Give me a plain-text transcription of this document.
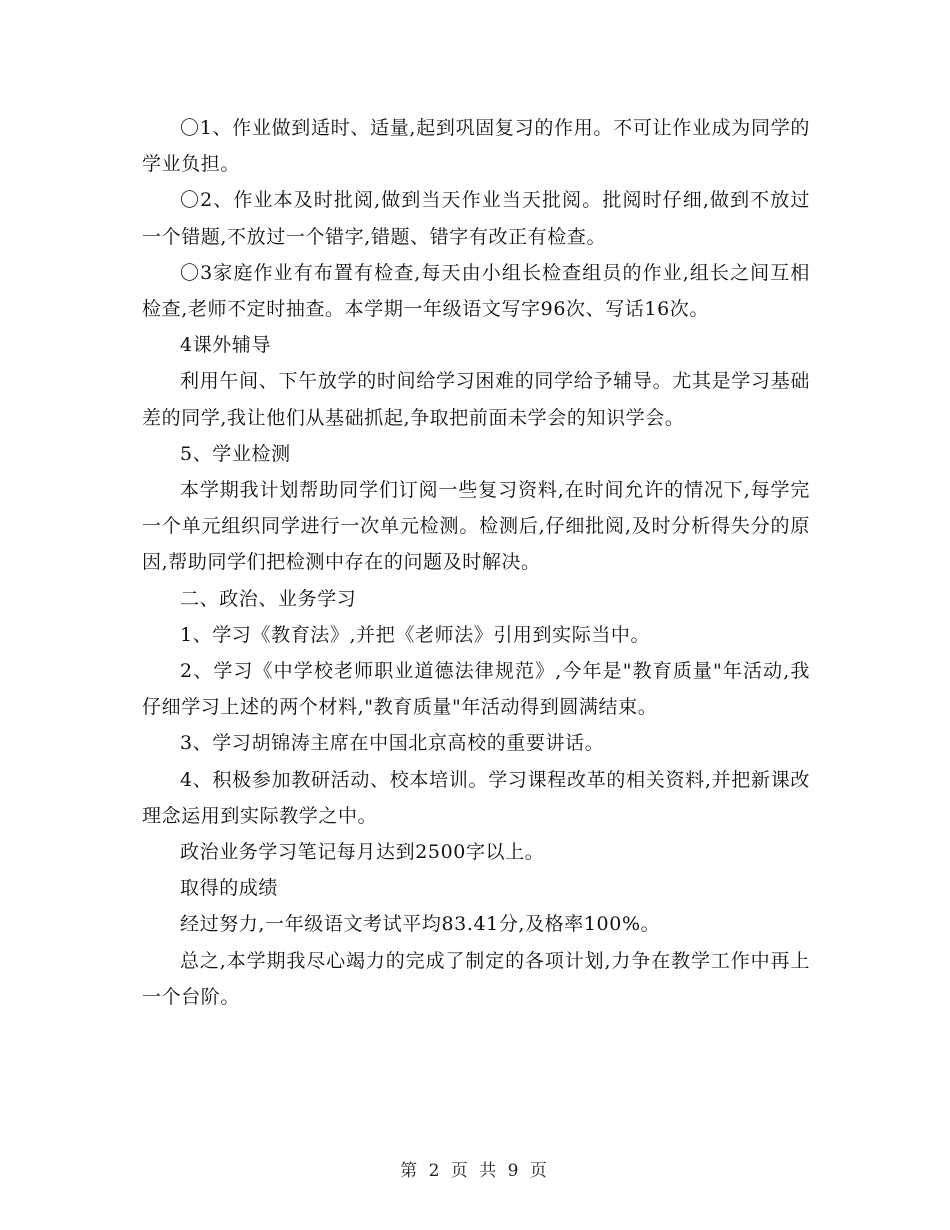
〇1、作业做到适时、适量,起到巩固复习的作用。不可让作业成为同学的学业负担。

〇2、作业本及时批阅,做到当天作业当天批阅。批阅时仔细,做到不放过一个错题,不放过一个错字,错题、错字有改正有检查。

〇3家庭作业有布置有检查,每天由小组长检查组员的作业,组长之间互相检查,老师不定时抽查。本学期一年级语文写字96次、写话16次。

4课外辅导

利用午间、下午放学的时间给学习困难的同学给予辅导。尤其是学习基础差的同学,我让他们从基础抓起,争取把前面未学会的知识学会。

5、学业检测

本学期我计划帮助同学们订阅一些复习资料,在时间允许的情况下,每学完一个单元组织同学进行一次单元检测。检测后,仔细批阅,及时分析得失分的原因,帮助同学们把检测中存在的问题及时解决。

二、政治、业务学习

1、学习《教育法》,并把《老师法》引用到实际当中。

2、学习《中学校老师职业道德法律规范》,今年是"教育质量"年活动,我仔细学习上述的两个材料,"教育质量"年活动得到圆满结束。

3、学习胡锦涛主席在中国北京高校的重要讲话。

4、积极参加教研活动、校本培训。学习课程改革的相关资料,并把新课改理念运用到实际教学之中。

政治业务学习笔记每月达到2500字以上。

取得的成绩

经过努力,一年级语文考试平均83.41分,及格率100%。

总之,本学期我尽心竭力的完成了制定的各项计划,力争在教学工作中再上一个台阶。

第 2 页 共 9 页
